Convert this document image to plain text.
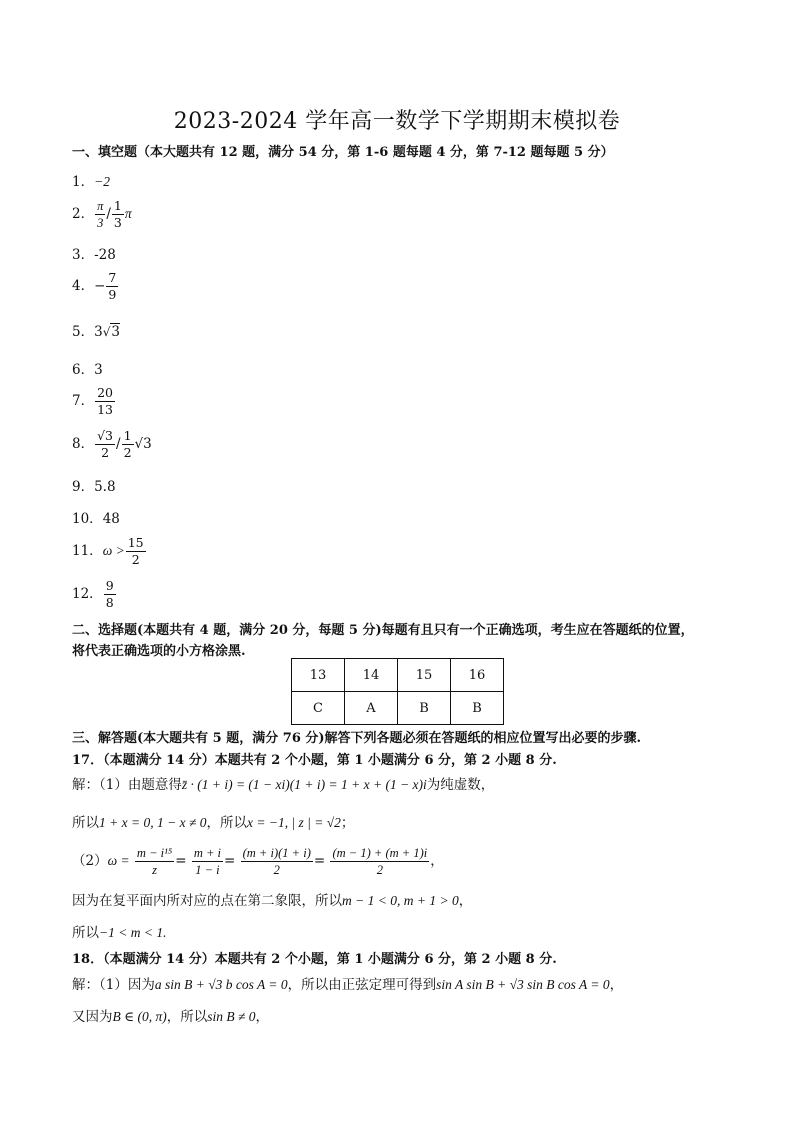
2023-2024 学年高一数学下学期期末模拟卷
一、填空题（本大题共有 12 题，满分 54 分，第 1-6 题每题 4 分，第 7-12 题每题 5 分）
1．−2
2． $\frac{\pi}{3} / \frac{1}{3}$ π
3．-28
4．− $\frac{7}{9}$
5．3√3
6．3
7． $\frac{20}{13}$
8． $\frac{√3}{2} / \frac{1}{2} √3$
9．5.8
10．48
11．$\omega > \frac{15}{2}$
12． $\frac{9}{8}$
二、选择题(本题共有 4 题，满分 20 分，每题 5 分)每题有且只有一个正确选项，考生应在答题纸的位置，
将代表正确选项的小方格涂黑.
13	14	15	16
C	A	B	B
三、解答题(本大题共有 5 题，满分 76 分)解答下列各题必须在答题纸的相应位置写出必要的步骤.
17．（本题满分 14 分）本题共有 2 个小题，第 1 小题满分 6 分，第 2 小题 8 分.
解：（1）由题意得z̄ · (1 + i) = (1 − xi)(1 + i) = 1 + x + (1 − x)i为纯虚数，
所以1 + x = 0, 1 − x ≠ 0，所以x = −1, | z | = √2；
$(2)\omega = \frac{\text{m − i¹⁵}}{z} = \frac{m + i}{1 - i} = \frac{(m + i)(1 + i)}{2} = \frac{(m - 1) + (m + 1)i}{2}$ ，
因为在复平面内所对应的点在第二象限，所以m − 1 < 0, m + 1 > 0，
所以−1 < m < 1.
18．（本题满分 14 分）本题共有 2 个小题，第 1 小题满分 6 分，第 2 小题 8 分.
解：（1）因为a sin B + √3 b cos A = 0，所以由正弦定理可得到sin A sin B + √3 sin B cos A = 0，
又因为B ∈ (0, π)，所以sin B ≠ 0，
